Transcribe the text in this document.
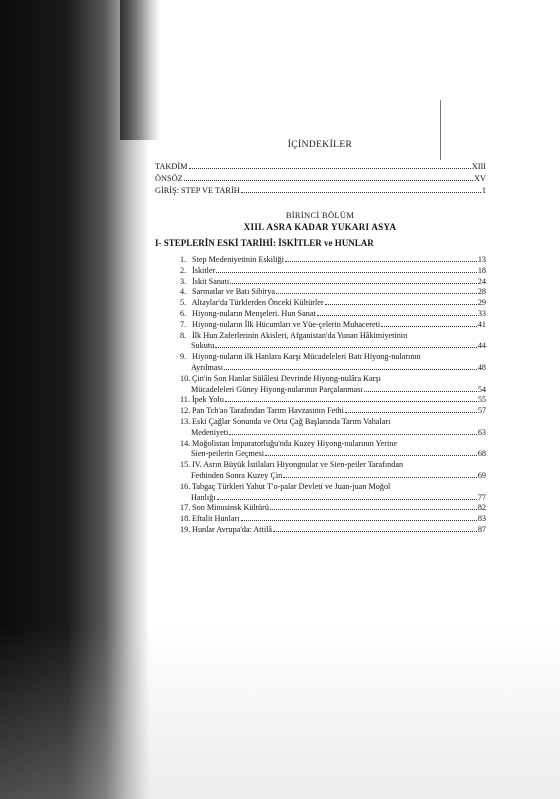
İÇİNDEKİLER
TAKDİM	XIII
ÖNSÖZ	XV
GİRİŞ: STEP VE TARİH	1
BİRİNCİ BÖLÜM
XIII. ASRA KADAR YUKARI ASYA
I- STEPLERİN ESKİ TARİHİ: İSKİTLER ve HUNLAR
1. Step Medeniyetinin Eskiliği	13
2. İskitler	18
3. İskit Sanatı	24
4. Sarmatlar ve Batı Sibirya	28
5. Altaylar'da Türklerden Önceki Kültürler	29
6. Hiyong-nuların Menşeleri. Hun Sanat	33
7. Hiyong-nuların İlk Hücumları ve Yüe-çelerin Muhacereti	41
8. İlk Hun Zaferlerinin Akisleri, Afganistan'da Yunan Hâkimiyetinin
Sukutu	44
9. Hiyong-nuların ilk Hanlara Karşı Mücadeleleri Batı Hiyong-nularının
Ayrılması	48
10. Çin'in Son Hanlar Sülâlesi Devrinde Hiyong-nulâra Karşı
Mücadeleleri Güney Hiyong-nularının Parçalanması	54
11. İpek Yolu	55
12. Pan Tch'ao Tarafından Tarım Havzasının Fethi	57
13. Eski Çağlar Sonunda ve Orta Çağ Başlarında Tarım Vahaları
Medeniyeti	63
14. Moğolistan İmparatorluğu'nda Kuzey Hiyong-nularının Yerine
Sien-peilerin Geçmesi	68
15. IV. Asrın Büyük İstilaları Hiyongnular ve Sien-peiler Tarafından
Fethinden Sonra Kuzey Çin	69
16. Tabgaç Türkleri Yahut T'o-palar Devleti ve Juan-juan Moğol
Hanlığı	77
17. Son Minusinsk Kültürü	82
18. Eftalit Hunları	83
19. Hunlar Avrupa'da: Attilâ	87
